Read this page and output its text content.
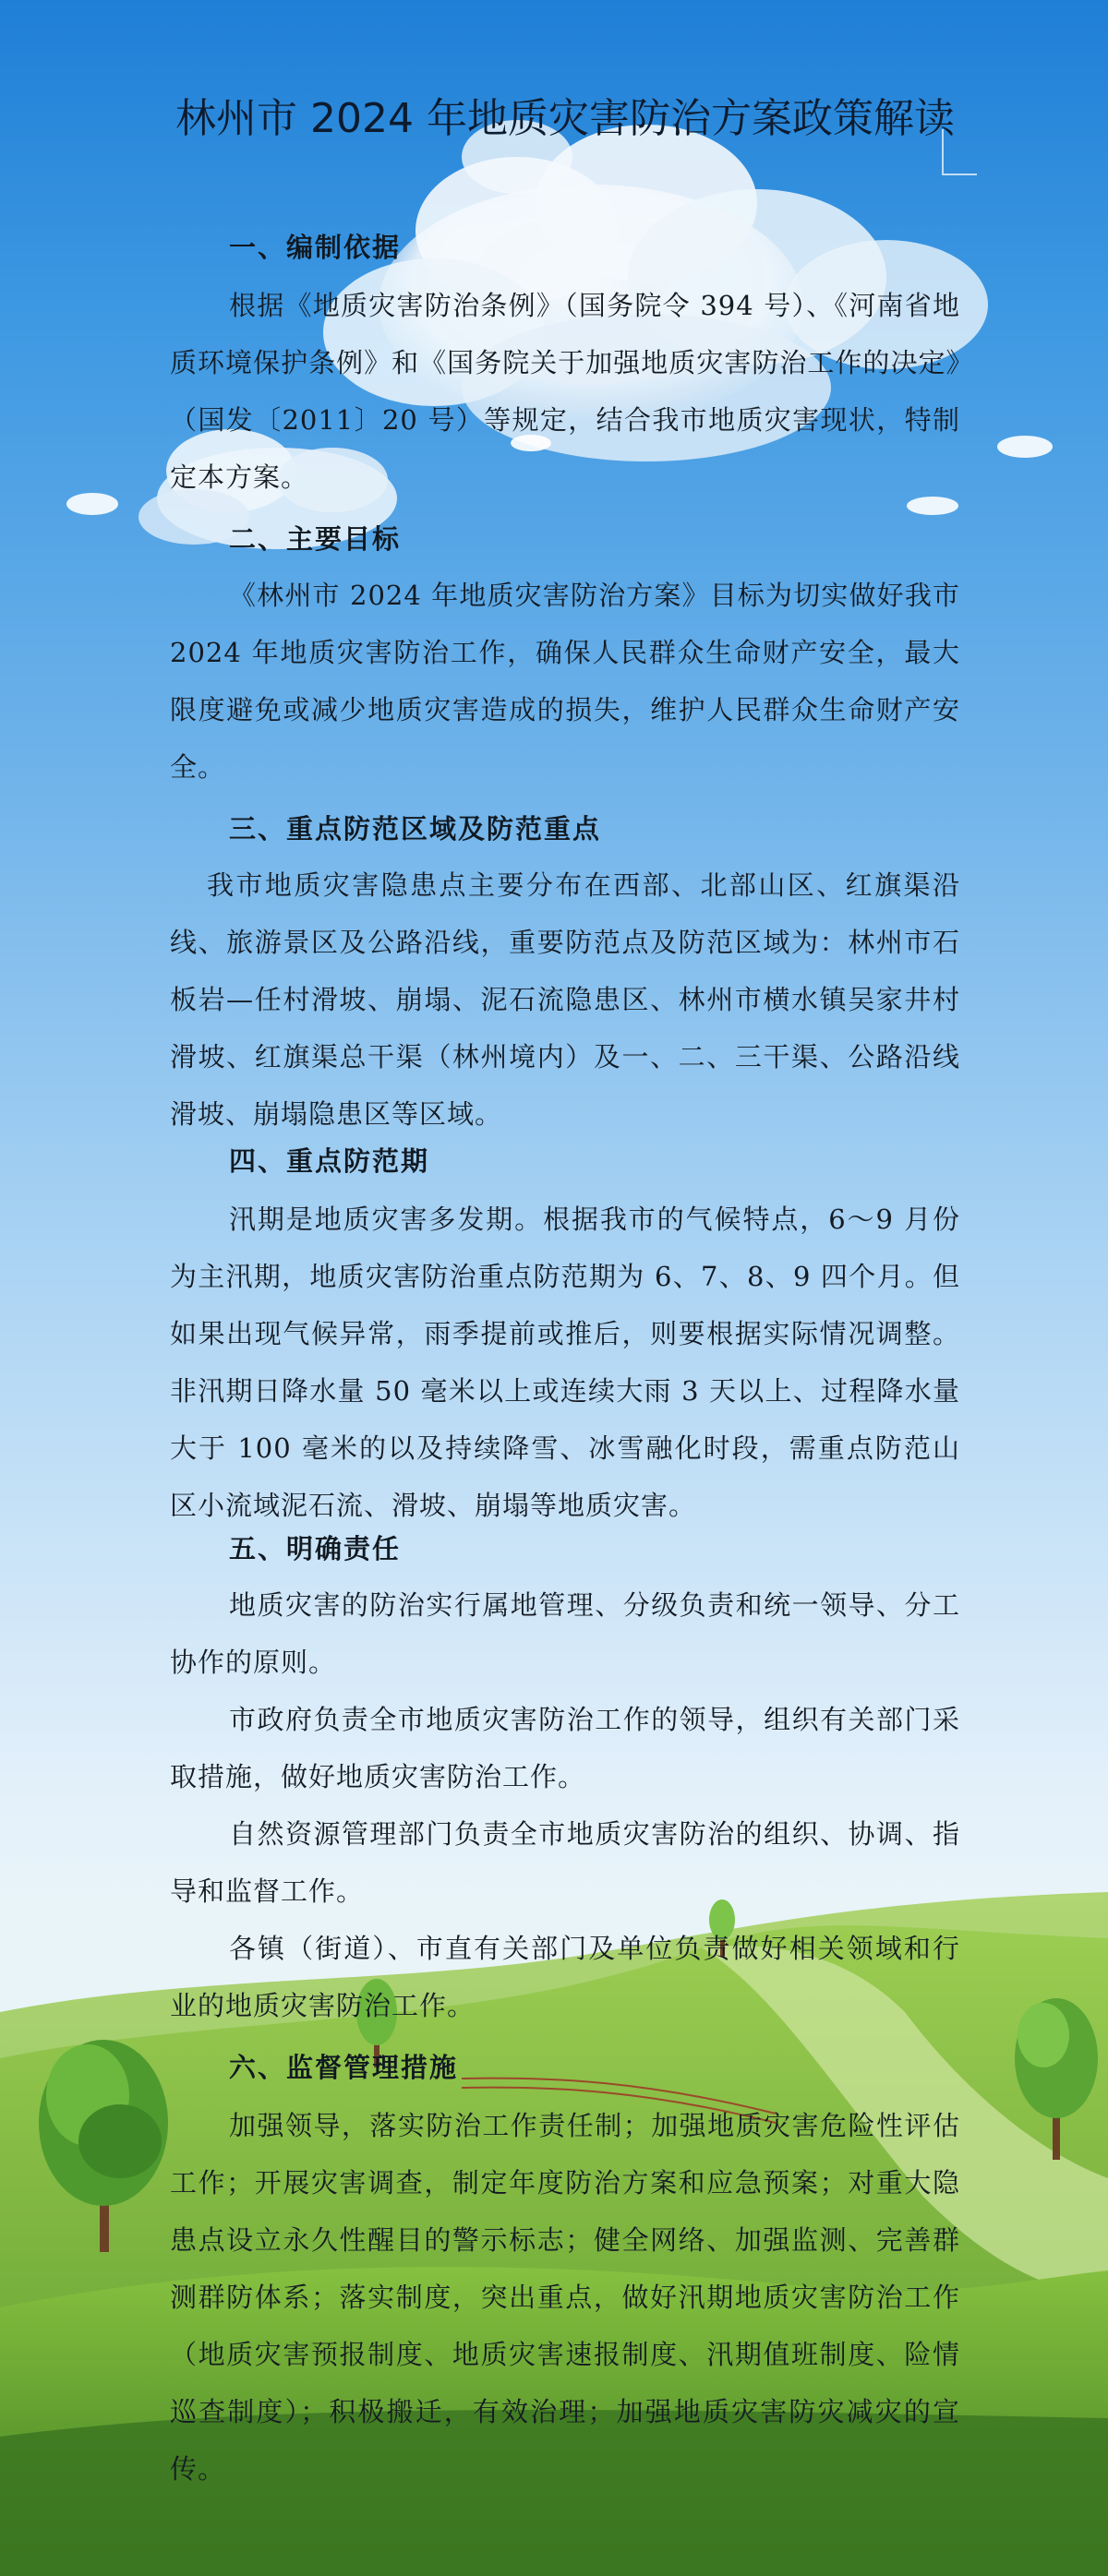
林州市 2024 年地质灾害防治方案政策解读
一、编制依据
根据《地质灾害防治条例》（国务院令 394 号）、《河南省地质环境保护条例》和《国务院关于加强地质灾害防治工作的决定》（国发〔2011〕20 号）等规定，结合我市地质灾害现状，特制定本方案。
二、主要目标
《林州市 2024 年地质灾害防治方案》目标为切实做好我市 2024 年地质灾害防治工作，确保人民群众生命财产安全，最大限度避免或减少地质灾害造成的损失，维护人民群众生命财产安全。
三、重点防范区域及防范重点
我市地质灾害隐患点主要分布在西部、北部山区、红旗渠沿线、旅游景区及公路沿线，重要防范点及防范区域为：林州市石板岩—任村滑坡、崩塌、泥石流隐患区、林州市横水镇吴家井村滑坡、红旗渠总干渠（林州境内）及一、二、三干渠、公路沿线滑坡、崩塌隐患区等区域。
四、重点防范期
汛期是地质灾害多发期。根据我市的气候特点，6～9 月份为主汛期，地质灾害防治重点防范期为 6、7、8、9 四个月。但如果出现气候异常，雨季提前或推后，则要根据实际情况调整。非汛期日降水量 50 毫米以上或连续大雨 3 天以上、过程降水量大于 100 毫米的以及持续降雪、冰雪融化时段，需重点防范山区小流域泥石流、滑坡、崩塌等地质灾害。
五、明确责任
地质灾害的防治实行属地管理、分级负责和统一领导、分工协作的原则。
市政府负责全市地质灾害防治工作的领导，组织有关部门采取措施，做好地质灾害防治工作。
自然资源管理部门负责全市地质灾害防治的组织、协调、指导和监督工作。
各镇（街道）、市直有关部门及单位负责做好相关领域和行业的地质灾害防治工作。
六、监督管理措施
加强领导，落实防治工作责任制；加强地质灾害危险性评估工作；开展灾害调查，制定年度防治方案和应急预案；对重大隐患点设立永久性醒目的警示标志；健全网络、加强监测、完善群测群防体系；落实制度，突出重点，做好汛期地质灾害防治工作（地质灾害预报制度、地质灾害速报制度、汛期值班制度、险情巡查制度）；积极搬迁，有效治理；加强地质灾害防灾减灾的宣传。
